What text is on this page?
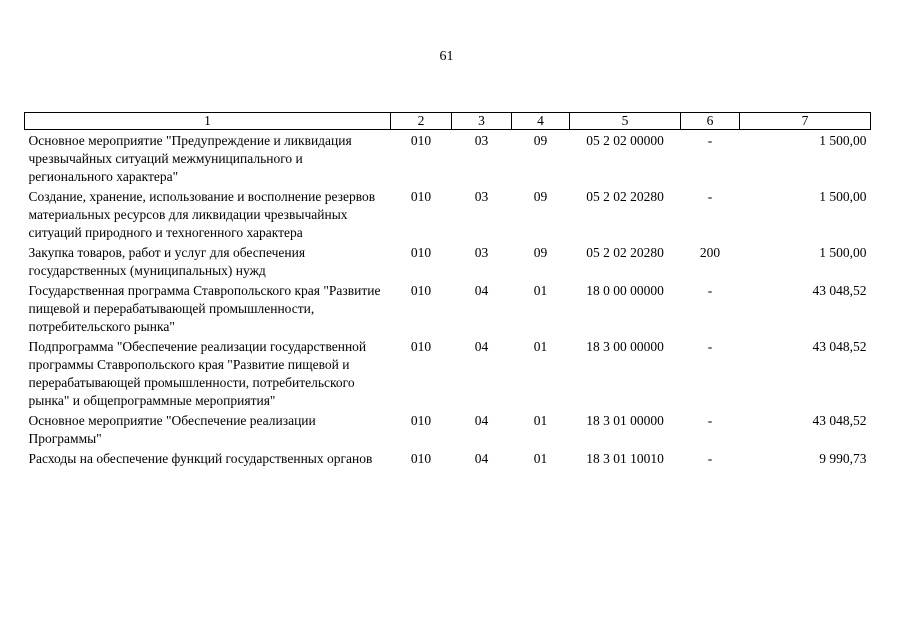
61
1	2	3	4	5	6	7
Основное мероприятие "Предупреждение и ликвидация чрезвычайных ситуаций межмуниципального и регионального характера"	010	03	09	05 2 02 00000	-	1 500,00
Создание, хранение, использование и восполнение резервов материальных ресурсов для ликвидации чрезвычайных ситуаций природного и техногенного характера	010	03	09	05 2 02 20280	-	1 500,00
Закупка товаров, работ и услуг для обеспечения государственных (муниципальных) нужд	010	03	09	05 2 02 20280	200	1 500,00
Государственная программа Ставропольского края "Развитие пищевой и перерабатывающей промышленности, потребительского рынка"	010	04	01	18 0 00 00000	-	43 048,52
Подпрограмма "Обеспечение реализации государственной программы Ставропольского края "Развитие пищевой и перерабатывающей промышленности, потребительского рынка" и общепрограммные мероприятия"	010	04	01	18 3 00 00000	-	43 048,52
Основное мероприятие "Обеспечение реализации Программы"	010	04	01	18 3 01 00000	-	43 048,52
Расходы на обеспечение функций государственных органов	010	04	01	18 3 01 10010	-	9 990,73
